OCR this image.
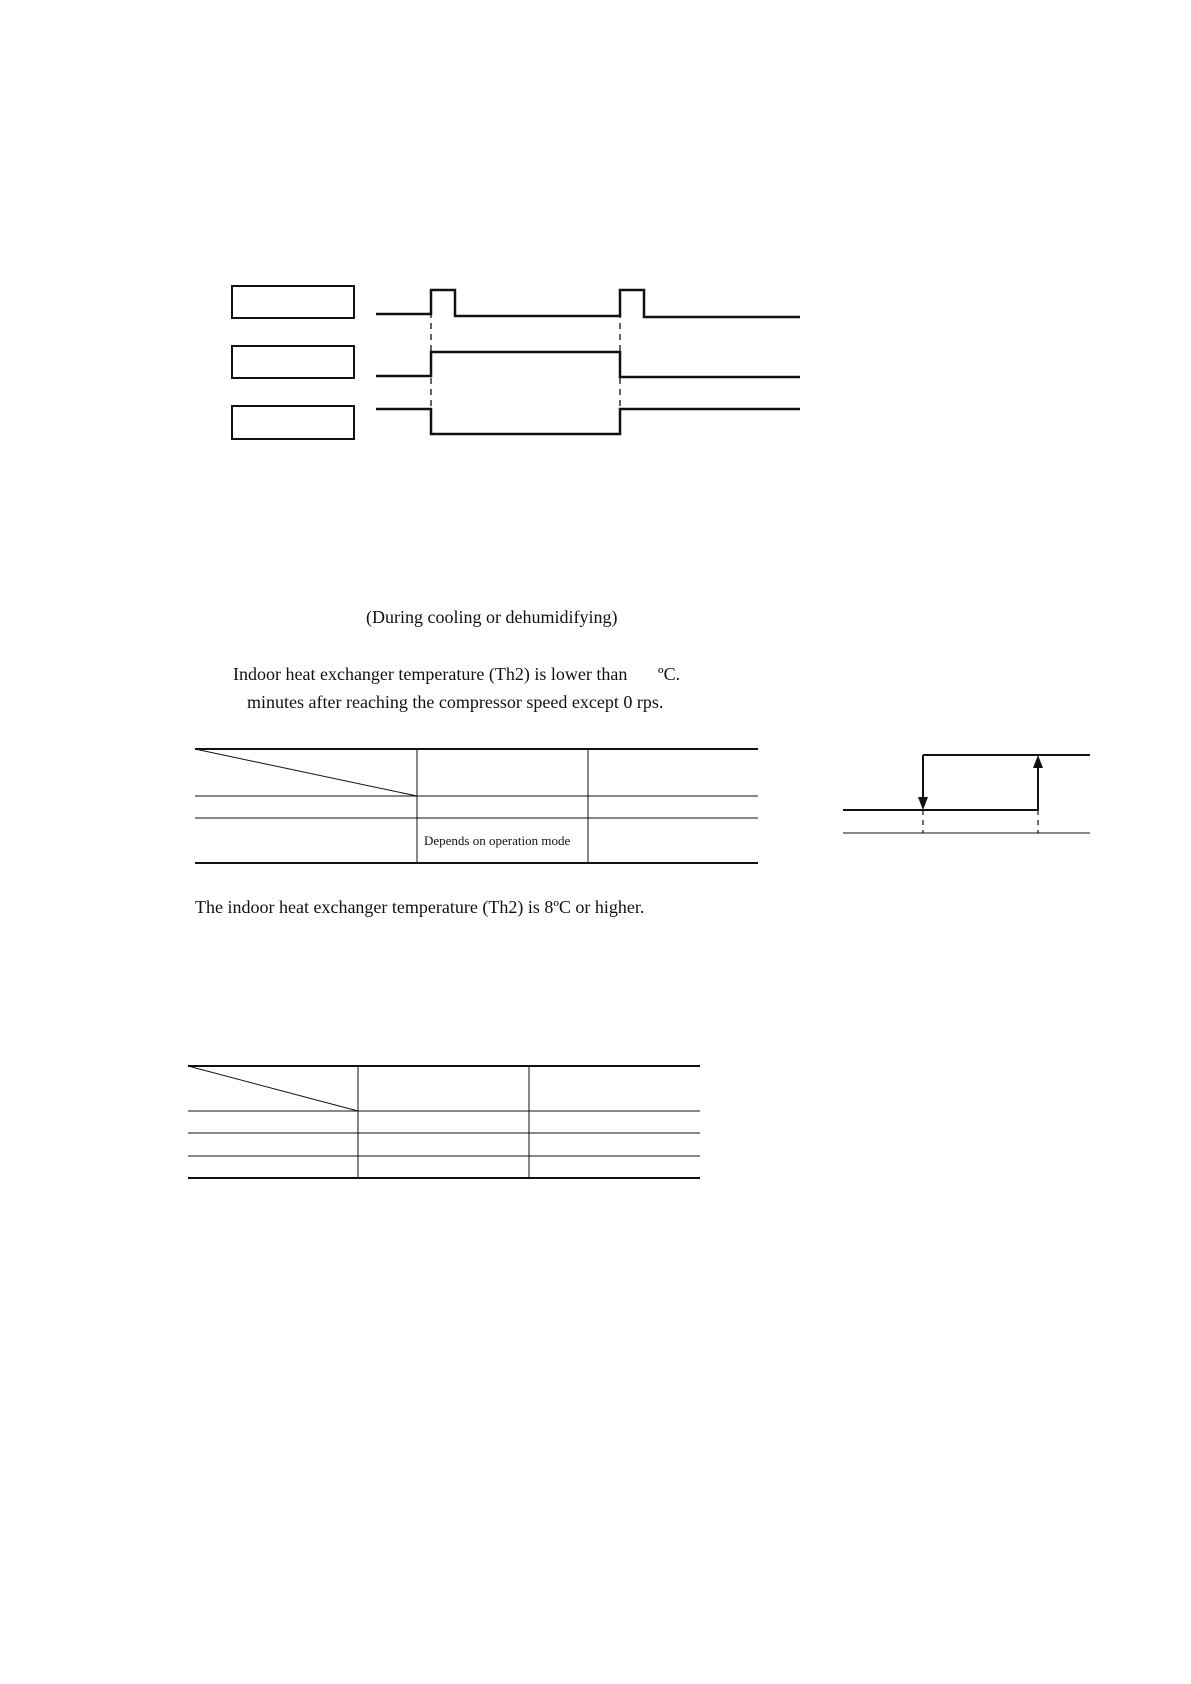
(During cooling or dehumidifying)
Indoor heat exchanger temperature (Th2) is lower than ºC.
minutes after reaching the compressor speed except 0 rps.
Depends on operation mode
The indoor heat exchanger temperature (Th2) is 8ºC or higher.
